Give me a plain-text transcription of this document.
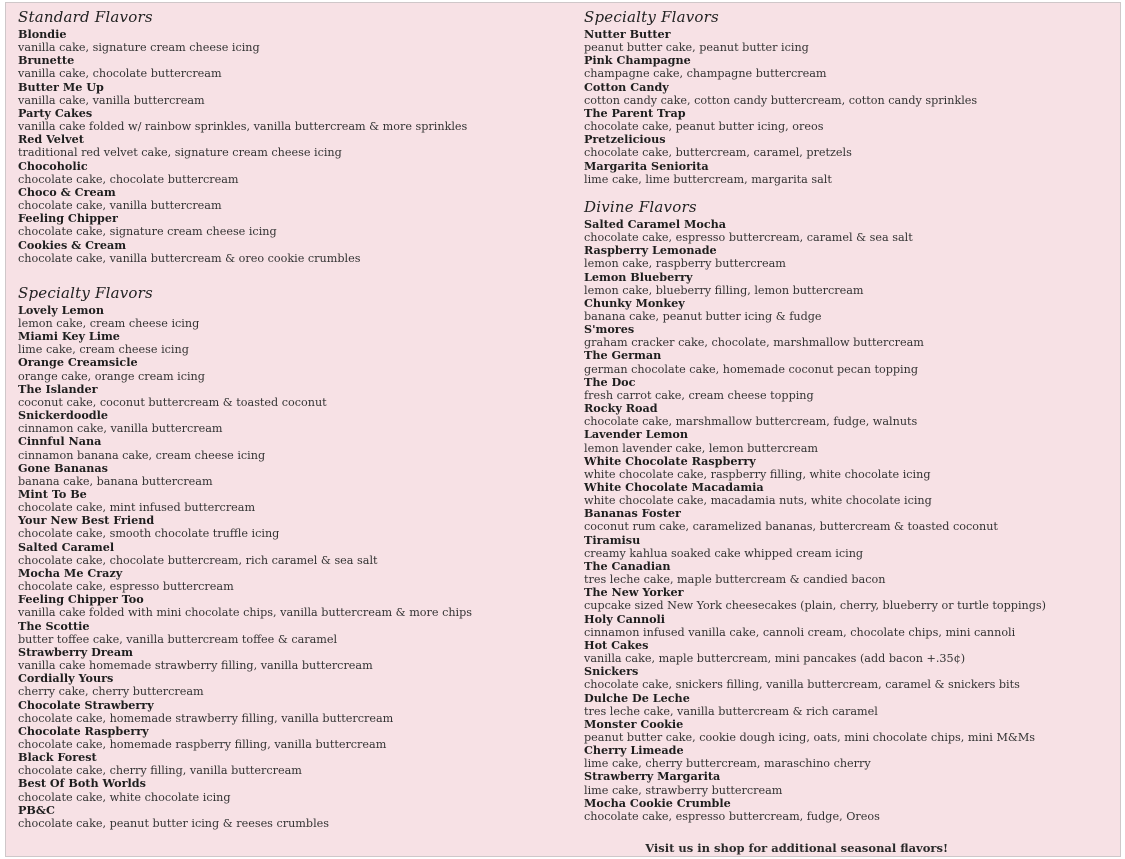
Standard Flavors
Blondie
vanilla cake, signature cream cheese icing
Brunette
vanilla cake, chocolate buttercream
Butter Me Up
vanilla cake, vanilla buttercream
Party Cakes
vanilla cake folded w/ rainbow sprinkles, vanilla buttercream & more sprinkles
Red Velvet
traditional red velvet cake, signature cream cheese icing
Chocoholic
chocolate cake, chocolate buttercream
Choco & Cream
chocolate cake, vanilla buttercream
Feeling Chipper
chocolate cake, signature cream cheese icing
Cookies & Cream
chocolate cake, vanilla buttercream & oreo cookie crumbles
Specialty Flavors
Lovely Lemon
lemon cake, cream cheese icing
Miami Key Lime
lime cake, cream cheese icing
Orange Creamsicle
orange cake, orange cream icing
The Islander
coconut cake, coconut buttercream & toasted coconut
Snickerdoodle
cinnamon cake, vanilla buttercream
Cinnful Nana
cinnamon banana cake, cream cheese icing
Gone Bananas
banana cake, banana buttercream
Mint To Be
chocolate cake, mint infused buttercream
Your New Best Friend
chocolate cake, smooth chocolate truffle icing
Salted Caramel
chocolate cake, chocolate buttercream, rich caramel & sea salt
Mocha Me Crazy
chocolate cake, espresso buttercream
Feeling Chipper Too
vanilla cake folded with mini chocolate chips, vanilla buttercream & more chips
The Scottie
butter toffee cake, vanilla buttercream toffee & caramel
Strawberry Dream
vanilla cake homemade strawberry filling, vanilla buttercream
Cordially Yours
cherry cake, cherry buttercream
Chocolate Strawberry
chocolate cake, homemade strawberry filling, vanilla buttercream
Chocolate Raspberry
chocolate cake, homemade raspberry filling, vanilla buttercream
Black Forest
chocolate cake, cherry filling, vanilla buttercream
Best Of Both Worlds
chocolate cake, white chocolate icing
PB&C
chocolate cake, peanut butter icing & reeses crumbles
Specialty Flavors
Nutter Butter
peanut butter cake, peanut butter icing
Pink Champagne
champagne cake, champagne buttercream
Cotton Candy
cotton candy cake, cotton candy buttercream, cotton candy sprinkles
The Parent Trap
chocolate cake, peanut butter icing, oreos
Pretzelicious
chocolate cake, buttercream, caramel, pretzels
Margarita Seniorita
lime cake, lime buttercream, margarita salt
Divine Flavors
Salted Caramel Mocha
chocolate cake, espresso buttercream, caramel & sea salt
Raspberry Lemonade
lemon cake, raspberry buttercream
Lemon Blueberry
lemon cake, blueberry filling, lemon buttercream
Chunky Monkey
banana cake, peanut butter icing & fudge
S'mores
graham cracker cake, chocolate, marshmallow buttercream
The German
german chocolate cake, homemade coconut pecan topping
The Doc
fresh carrot cake, cream cheese topping
Rocky Road
chocolate cake, marshmallow buttercream, fudge, walnuts
Lavender Lemon
lemon lavender cake, lemon buttercream
White Chocolate Raspberry
white chocolate cake, raspberry filling, white chocolate icing
White Chocolate Macadamia
white chocolate cake, macadamia nuts, white chocolate icing
Bananas Foster
coconut rum cake, caramelized bananas, buttercream & toasted coconut
Tiramisu
creamy kahlua soaked cake whipped cream icing
The Canadian
tres leche cake, maple buttercream & candied bacon
The New Yorker
cupcake sized New York cheesecakes (plain, cherry, blueberry or turtle toppings)
Holy Cannoli
cinnamon infused vanilla cake, cannoli cream, chocolate chips, mini cannoli
Hot Cakes
vanilla cake, maple buttercream, mini pancakes (add bacon +.35¢)
Snickers
chocolate cake, snickers filling, vanilla buttercream, caramel & snickers bits
Dulche De Leche
tres leche cake, vanilla buttercream & rich caramel
Monster Cookie
peanut butter cake, cookie dough icing, oats, mini chocolate chips, mini M&Ms
Cherry Limeade
lime cake, cherry buttercream, maraschino cherry
Strawberry Margarita
lime cake, strawberry buttercream
Mocha Cookie Crumble
chocolate cake, espresso buttercream, fudge, Oreos
Visit us in shop for additional seasonal flavors!
